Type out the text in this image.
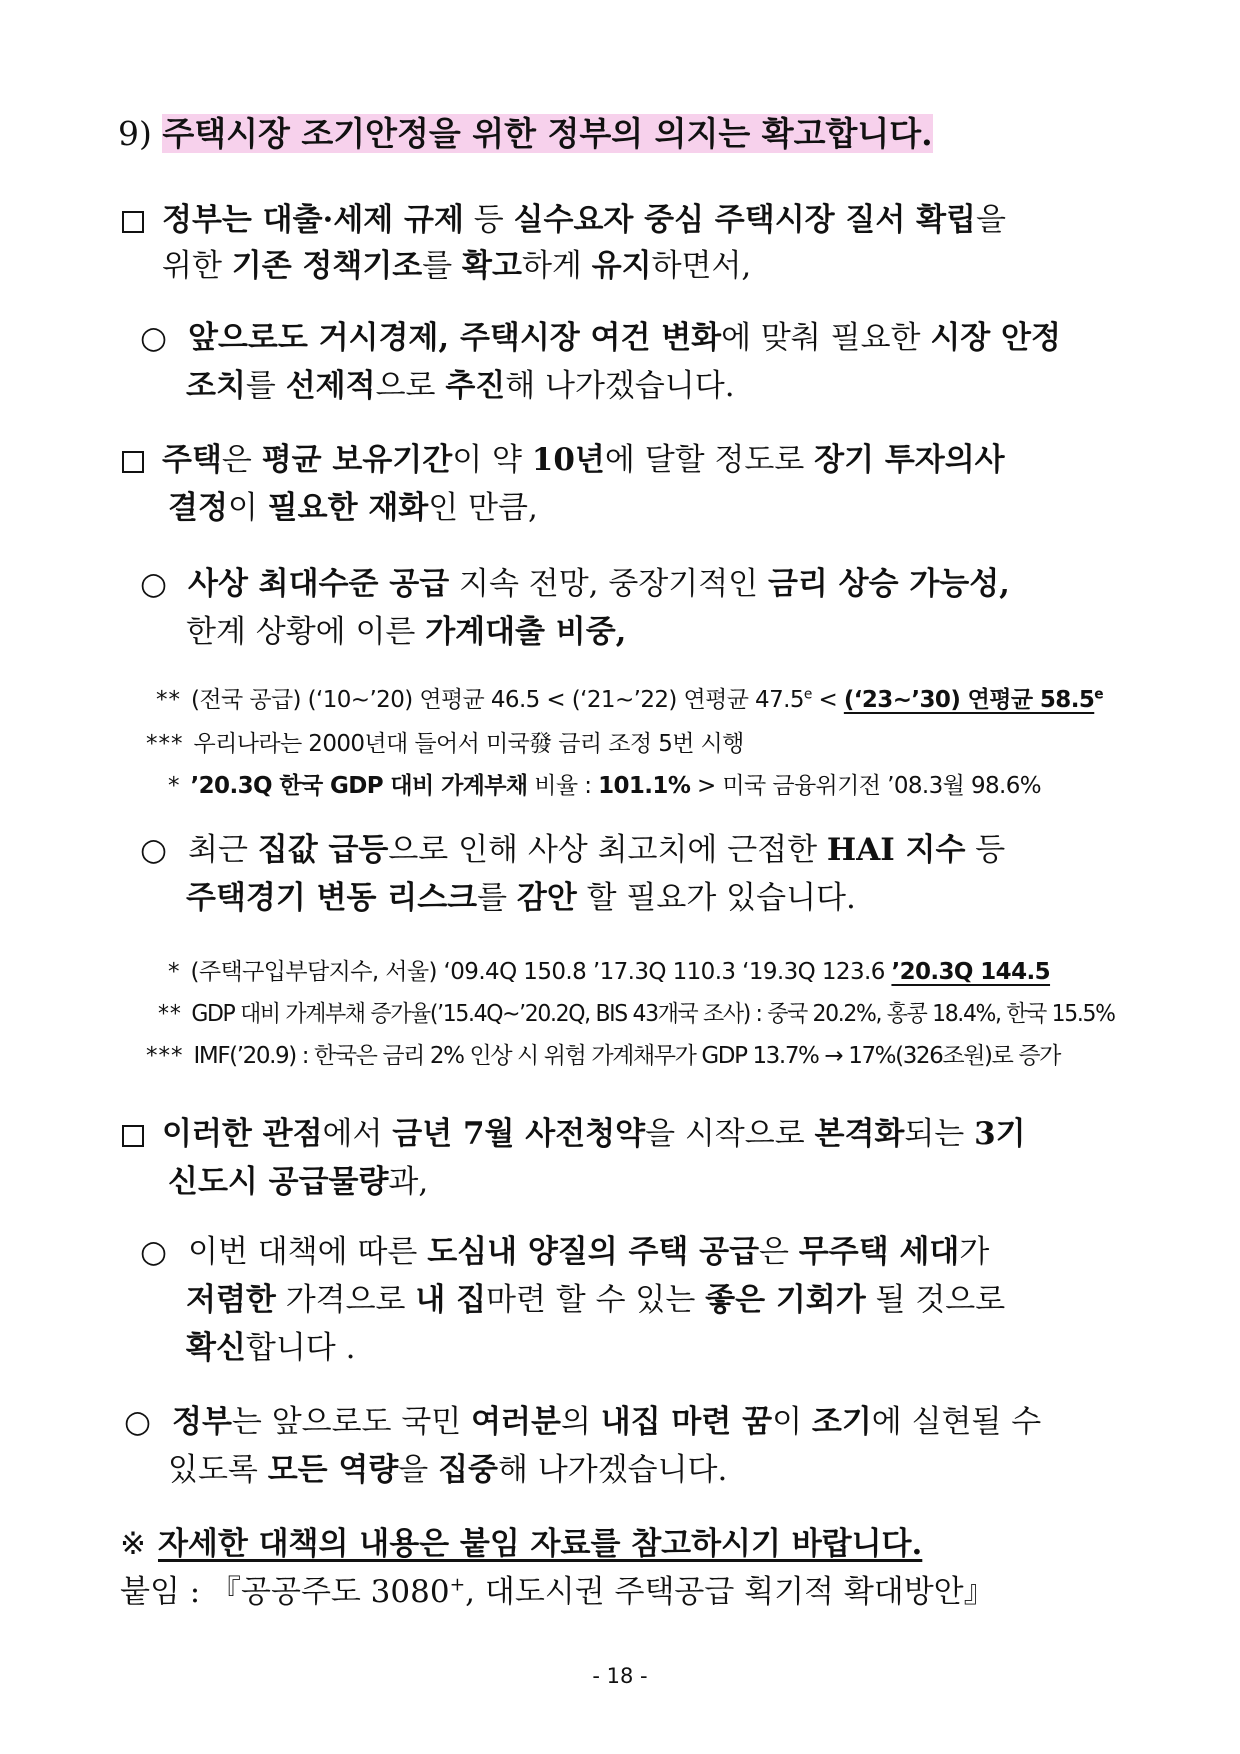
9) 주택시장 조기안정을 위한 정부의 의지는 확고합니다.

정부는 대출·세제 규제 등 실수요자 중심 주택시장 질서 확립을

위한 기존 정책기조를 확고하게 유지하면서,

○ 앞으로도 거시경제, 주택시장 여건 변화에 맞춰 필요한 시장 안정

조치를 선제적으로 추진해 나가겠습니다.

주택은 평균 보유기간이 약 10년에 달할 정도로 장기 투자의사

결정이 필요한 재화인 만큼,

○ 사상 최대수준 공급 지속 전망, 중장기적인 금리 상승 가능성,

한계 상황에 이른 가계대출 비중,

** (전국 공급) (‘10~’20) 연평균 46.5 < (‘21~’22) 연평균 47.5$^e$ < (‘23~’30) 연평균 58.5e

*** 우리나라는 2000년대 들어서 미국發 금리 조정 5번 시행

* ’20.3Q 한국 GDP 대비 가계부채 비율 : 101.1% > 미국 금융위기전 ’08.3월 98.6%

○ 최근 집값 급등으로 인해 사상 최고치에 근접한 HAI 지수 등

주택경기 변동 리스크를 감안 할 필요가 있습니다.

* (주택구입부담지수, 서울) ‘09.4Q 150.8 ’17.3Q 110.3 ‘19.3Q 123.6 ’20.3Q 144.5

** GDP 대비 가계부채 증가율(’15.4Q~’20.2Q, BIS 43개국 조사) : 중국 20.2%, 홍콩 18.4%, 한국 15.5%

*** IMF(’20.9) : 한국은 금리 2% 인상 시 위험 가계채무가 GDP 13.7% → 17%(326조원)로 증가

이러한 관점에서 금년 7월 사전청약을 시작으로 본격화되는 3기

신도시 공급물량과,

○ 이번 대책에 따른 도심내 양질의 주택 공급은 무주택 세대가

저렴한 가격으로 내 집마련 할 수 있는 좋은 기회가 될 것으로

확신합니다 .

○ 정부는 앞으로도 국민 여러분의 내집 마련 꿈이 조기에 실현될 수

있도록 모든 역량을 집중해 나가겠습니다.

※ 자세한 대책의 내용은 붙임 자료를 참고하시기 바랍니다.

붙임 : 『공공주도 3080+, 대도시권 주택공급 획기적 확대방안』

- 18 -
